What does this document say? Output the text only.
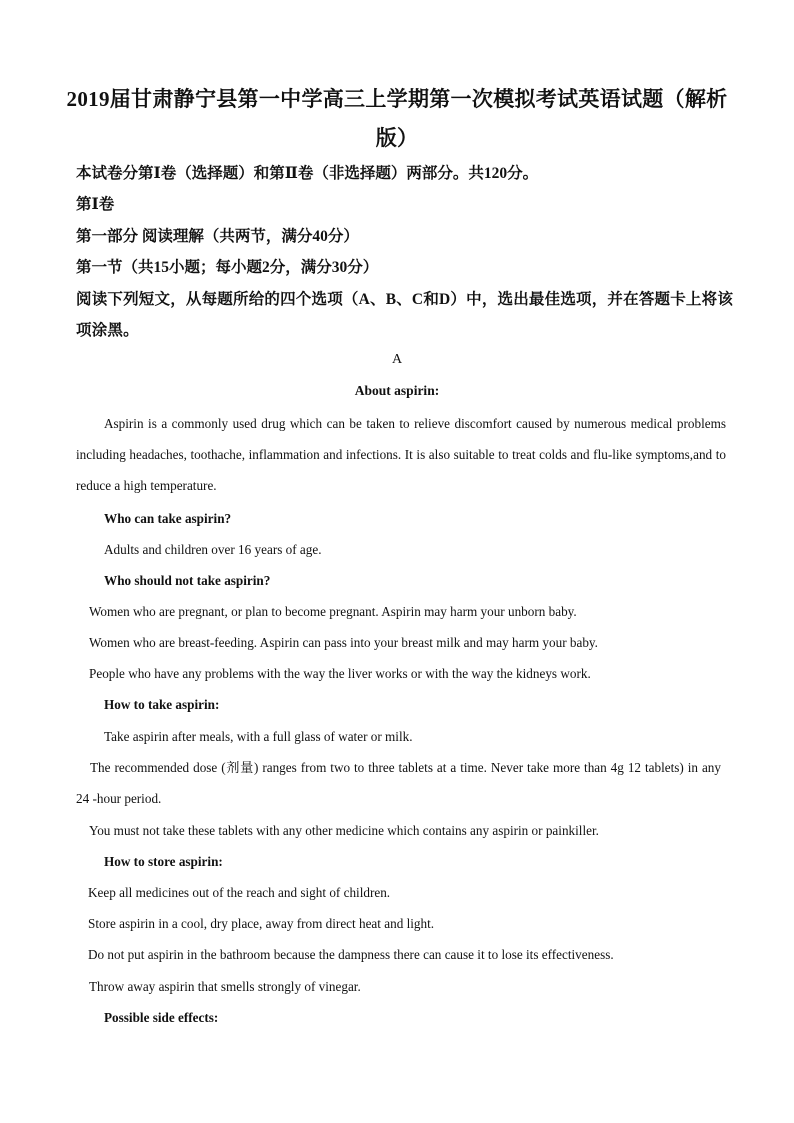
2019届甘肃静宁县第一中学高三上学期第一次模拟考试英语试题（解析版）
本试卷分第Ⅰ卷（选择题）和第Ⅱ卷（非选择题）两部分。共120分。
第Ⅰ卷
第一部分 阅读理解（共两节，满分40分）
第一节（共15小题；每小题2分，满分30分）
阅读下列短文，从每题所给的四个选项（A、B、C和D）中，选出最佳选项，并在答题卡上将该项涂黑。
A
About aspirin:
Aspirin is a commonly used drug which can be taken to relieve discomfort caused by numerous medical problems including headaches, toothache, inflammation and infections. It is also suitable to treat colds and flu-like symptoms,and to reduce a high temperature.
Who can take aspirin?
Adults and children over 16 years of age.
Who should not take aspirin?
Women who are pregnant, or plan to become pregnant. Aspirin may harm your unborn baby.
Women who are breast-feeding. Aspirin can pass into your breast milk and may harm your baby.
People who have any problems with the way the liver works or with the way the kidneys work.
How to take aspirin:
Take aspirin after meals, with a full glass of water or milk.
The recommended dose (剂量) ranges from two to three tablets at a time. Never take more than 4g 12 tablets) in any 24 -hour period.
You must not take these tablets with any other medicine which contains any aspirin or painkiller.
How to store aspirin:
Keep all medicines out of the reach and sight of children.
Store aspirin in a cool, dry place, away from direct heat and light.
Do not put aspirin in the bathroom because the dampness there can cause it to lose its effectiveness.
Throw away aspirin that smells strongly of vinegar.
Possible side effects:
